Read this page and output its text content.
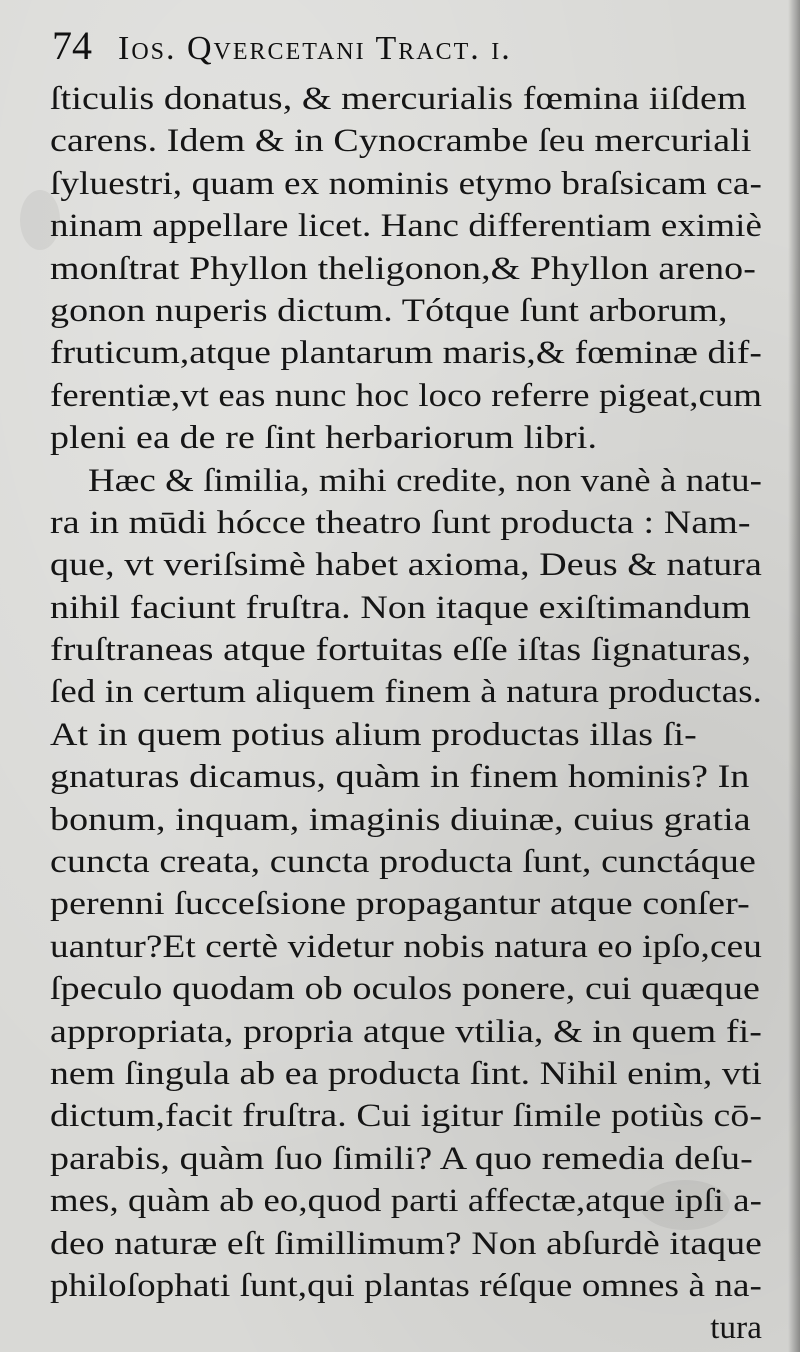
74 Ios. Qvercetani Tract. i.
ſticulis donatus, & mercurialis fœmina iiſdem
carens. Idem & in Cynocrambe ſeu mercuriali
ſyluestri, quam ex nominis etymo braſsicam ca-
ninam appellare licet. Hanc differentiam eximiè
monſtrat Phyllon theligonon,& Phyllon areno-
gonon nuperis dictum. Tótque ſunt arborum,
fruticum,atque plantarum maris,& fœminæ dif-
ferentiæ,vt eas nunc hoc loco referre pigeat,cum
pleni ea de re ſint herbariorum libri.
Hæc & ſimilia, mihi credite, non vanè à natu-
ra in mūdi hócce theatro ſunt producta : Nam-
que, vt veriſsimè habet axioma, Deus & natura
nihil faciunt fruſtra. Non itaque exiſtimandum
fruſtraneas atque fortuitas eſſe iſtas ſignaturas,
ſed in certum aliquem finem à natura productas.
At in quem potius alium productas illas ſi-
gnaturas dicamus, quàm in finem hominis? In
bonum, inquam, imaginis diuinæ, cuius gratia
cuncta creata, cuncta producta ſunt, cunctáque
perenni ſucceſsione propagantur atque conſer-
uantur?Et certè videtur nobis natura eo ipſo,ceu
ſpeculo quodam ob oculos ponere, cui quæque
appropriata, propria atque vtilia, & in quem fi-
nem ſingula ab ea producta ſint. Nihil enim, vti
dictum,facit fruſtra. Cui igitur ſimile potiùs cō-
parabis, quàm ſuo ſimili? A quo remedia deſu-
mes, quàm ab eo,quod parti affectæ,atque ipſi a-
deo naturæ eſt ſimillimum? Non abſurdè itaque
philoſophati ſunt,qui plantas réſque omnes à na-
tura
